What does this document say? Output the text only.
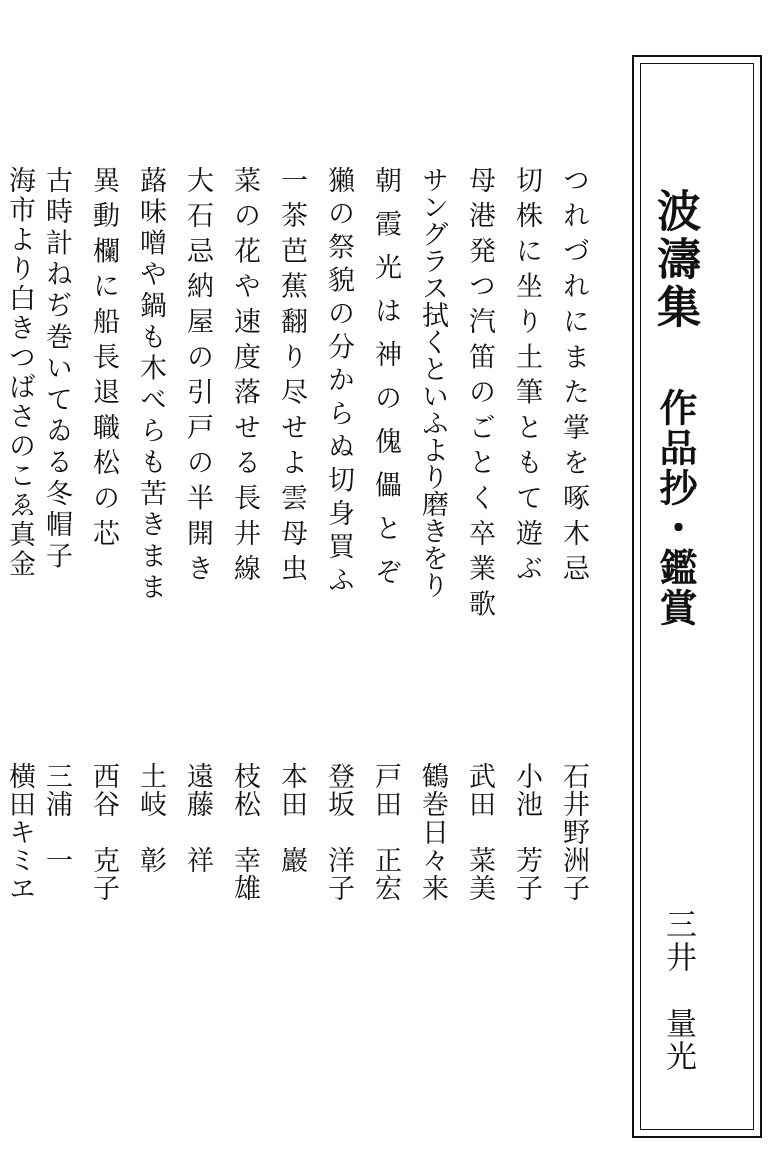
波濤集
作品抄・鑑賞
三井　量光
つれづれにまた掌を啄木忌
切株に坐り土筆ともて遊ぶ
母港発つ汽笛のごとく卒業歌
サングラス拭くといふより磨きをり
朝霞光は神の傀儡とぞ
獺の祭貌の分からぬ切身買ふ
一茶芭蕉翻り尽せよ雲母虫
菜の花や速度落せる長井線
大石忌納屋の引戸の半開き
蕗味噌や鍋も木べらも苦きまま
異動欄に船長退職松の芯
古時計ねぢ巻いてゐる冬帽子
海市より白きつばさのこゑ真金
石井野洲子
小池　芳子
武田　菜美
鶴巻日々来
戸田　正宏
登坂　洋子
本田　巖
枝松　幸雄
遠藤　祥
土岐　彰
西谷　克子
三浦　一
横田キミヱ
